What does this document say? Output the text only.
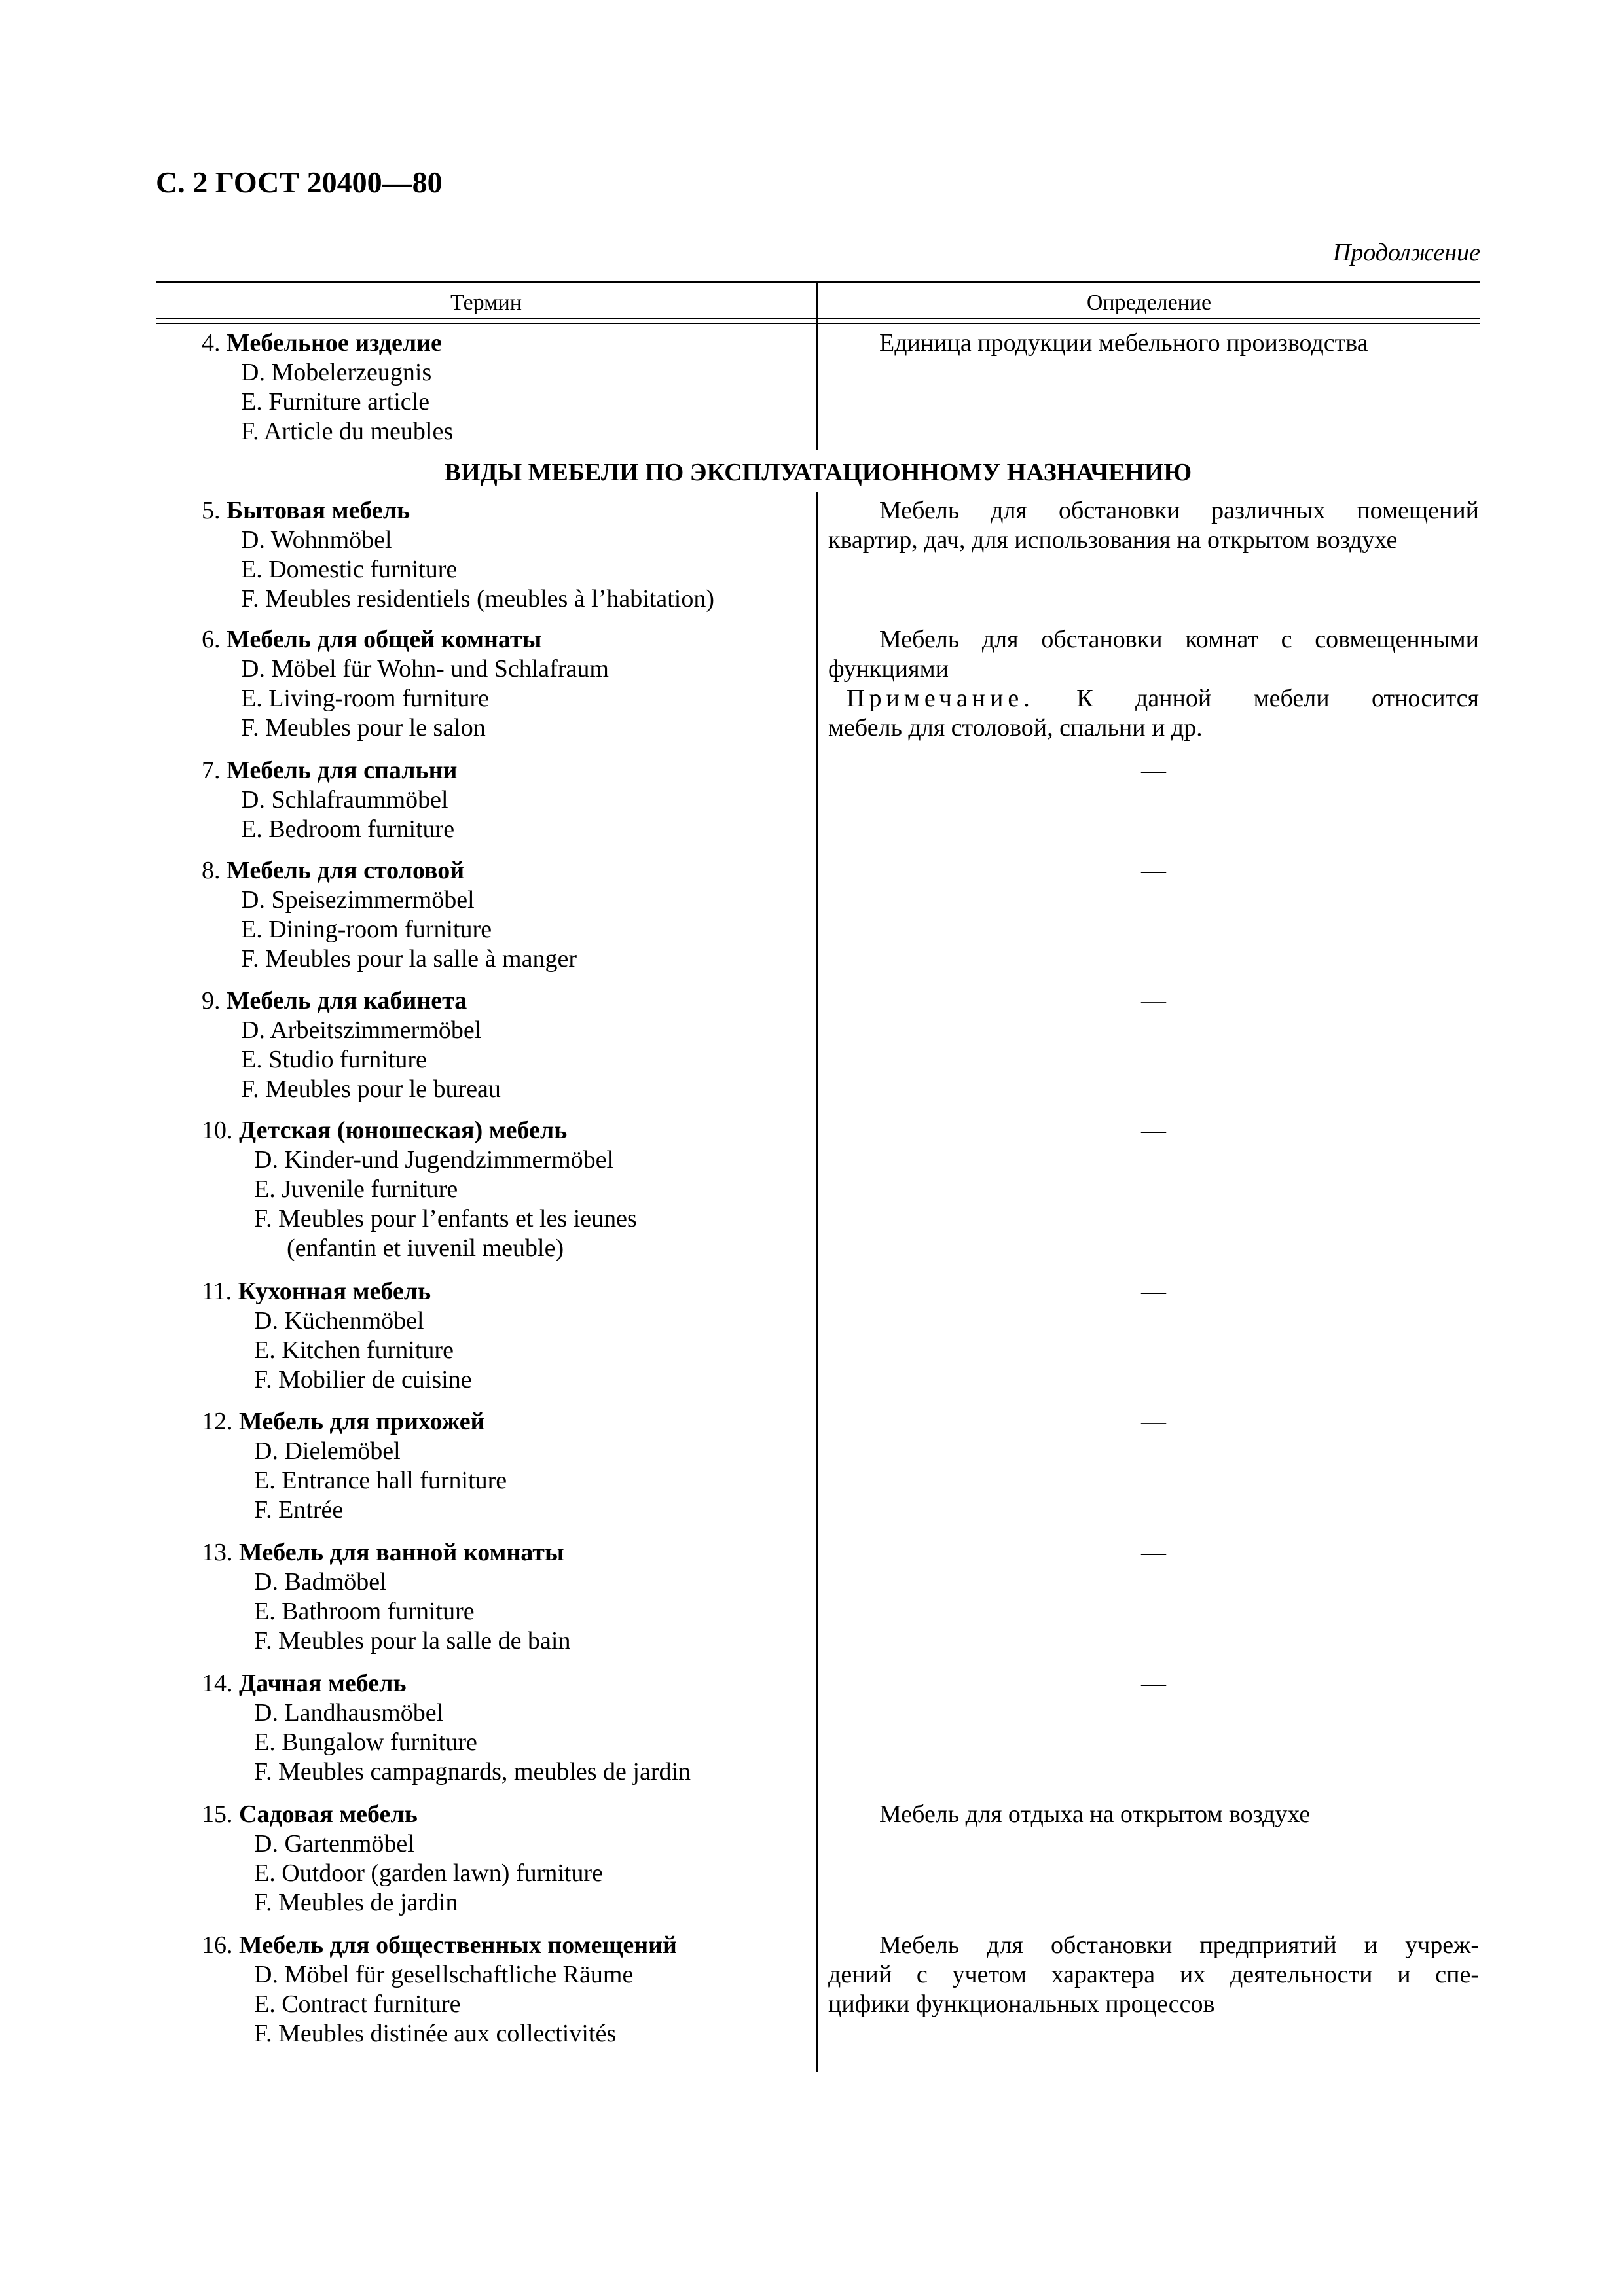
С. 2 ГОСТ 20400—80
Продолжение
Термин	Определение
4. Мебельное изделие
D. Mobelerzeugnis
E. Furniture article
F. Article du meubles
Единица продукции мебельного производства
ВИДЫ МЕБЕЛИ ПО ЭКСПЛУАТАЦИОННОМУ НАЗНАЧЕНИЮ
5. Бытовая мебель
D. Wohnmöbel
E. Domestic furniture
F. Meubles residentiels (meubles à l’habitation)
Мебель для обстановки различных помещений
квартир, дач, для использования на открытом воздухе
6. Мебель для общей комнаты
D. Möbel für Wohn- und Schlafraum
E. Living-room furniture
F. Meubles pour le salon
Мебель для обстановки комнат с совмещенными
функциями
Примечание. К данной мебели относится
мебель для столовой, спальни и др.
7. Мебель для спальни
D. Schlafraummöbel
E. Bedroom furniture
—
8. Мебель для столовой
D. Speisezimmermöbel
E. Dining-room furniture
F. Meubles pour la salle à manger
—
9. Мебель для кабинета
D. Arbeitszimmermöbel
E. Studio furniture
F. Meubles pour le bureau
—
10. Детская (юношеская) мебель
D. Kinder-und Jugendzimmermöbel
E. Juvenile furniture
F. Meubles pour l’enfants et les ieunes
(enfantin et iuvenil meuble)
—
11. Кухонная мебель
D. Küchenmöbel
E. Kitchen furniture
F. Mobilier de cuisine
—
12. Мебель для прихожей
D. Dielemöbel
E. Entrance hall furniture
F. Entrée
—
13. Мебель для ванной комнаты
D. Badmöbel
E. Bathroom furniture
F. Meubles pour la salle de bain
—
14. Дачная мебель
D. Landhausmöbel
E. Bungalow furniture
F. Meubles campagnards, meubles de jardin
—
15. Садовая мебель
D. Gartenmöbel
E. Outdoor (garden lawn) furniture
F. Meubles de jardin
Мебель для отдыха на открытом воздухе
16. Мебель для общественных помещений
D. Möbel für gesellschaftliche Räume
E. Contract furniture
F. Meubles distinée aux collectivités
Мебель для обстановки предприятий и учреж-
дений с учетом характера их деятельности и спе-
цифики функциональных процессов
